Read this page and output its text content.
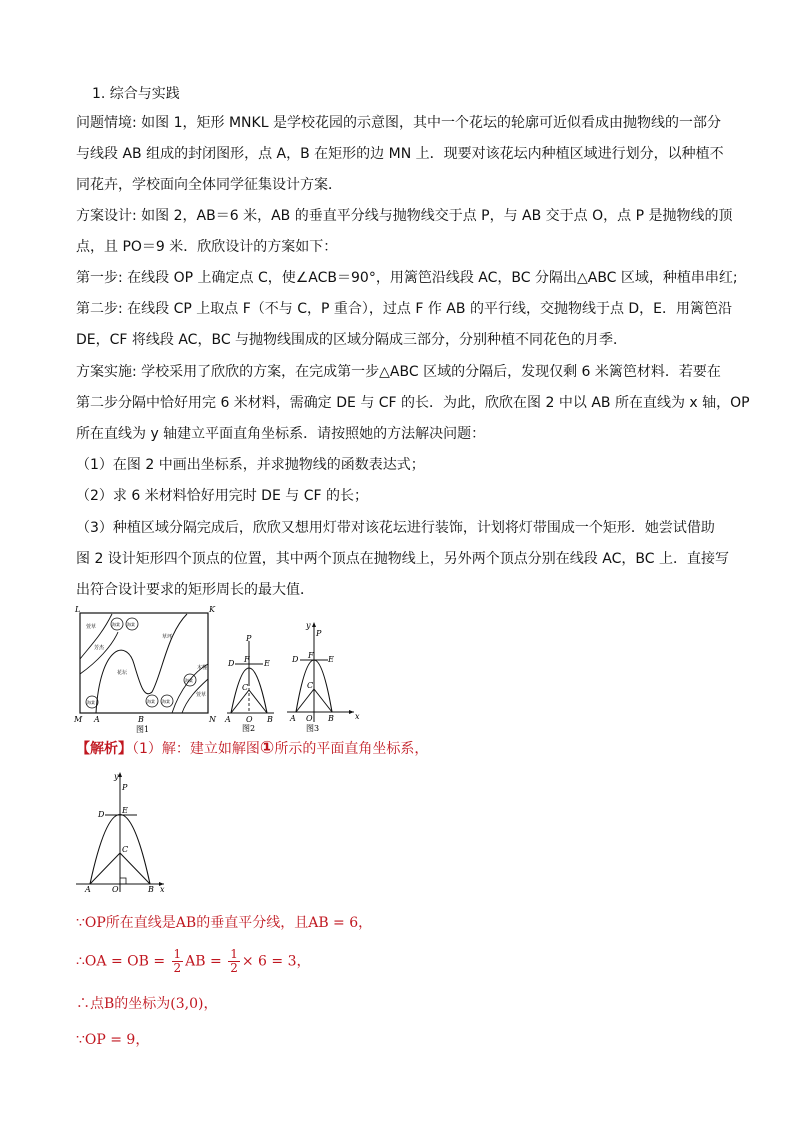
1. 综合与实践
问题情境: 如图 1，矩形 MNKL 是学校花园的示意图，其中一个花坛的轮廓可近似看成由抛物线的一部分
与线段 AB 组成的封闭图形，点 A，B 在矩形的边 MN 上．现要对该花坛内种植区域进行划分，以种植不
同花卉，学校面向全体同学征集设计方案．
方案设计: 如图 2，AB＝6 米，AB 的垂直平分线与抛物线交于点 P，与 AB 交于点 O，点 P 是抛物线的顶
点，且 PO＝9 米．欣欣设计的方案如下：
第一步: 在线段 OP 上确定点 C，使∠ACB＝90°，用篱笆沿线段 AC，BC 分隔出△ABC 区域，种植串串红;
第二步: 在线段 CP 上取点 F（不与 C，P 重合），过点 F 作 AB 的平行线，交抛物线于点 D，E．用篱笆沿
DE，CF 将线段 AC，BC 与抛物线围成的区域分隔成三部分，分别种植不同花色的月季．
方案实施: 学校采用了欣欣的方案，在完成第一步△ABC 区域的分隔后，发现仅剩 6 米篱笆材料．若要在
第二步分隔中恰好用完 6 米材料，需确定 DE 与 CF 的长．为此，欣欣在图 2 中以 AB 所在直线为 x 轴，OP
所在直线为 y 轴建立平面直角坐标系．请按照她的方法解决问题：
（1）在图 2 中画出坐标系，并求抛物线的函数表达式；
（2）求 6 米材料恰好用完时 DE 与 CF 的长；
（3）种植区域分隔完成后，欣欣又想用灯带对该花坛进行装饰，计划将灯带围成一个矩形．她尝试借助
图 2 设计矩形四个顶点的位置，其中两个顶点在抛物线上，另外两个顶点分别在线段 AC，BC 上．直接写
出符合设计要求的矩形周长的最大值．
萱草
芳杰
海棠 海棠
海棠
草坪
花坛
海棠 海棠
木槿
萱草
海棠
L	K
M	N
A	B
图1
P
D F E
C
A O B
图2
y
P
D F E
C
A O B	x
图3
【解析】（1）解：建立如解图①所示的平面直角坐标系，
y
P
D E
C
A	O	B x
∵OP所在直线是AB的垂直平分线，且AB = 6，
∴OA = OB = $\frac{1}{2}$ AB = $\frac{1}{2} \times 6 = 3$，
∴点B的坐标为(3,0)，
∵OP = 9，
